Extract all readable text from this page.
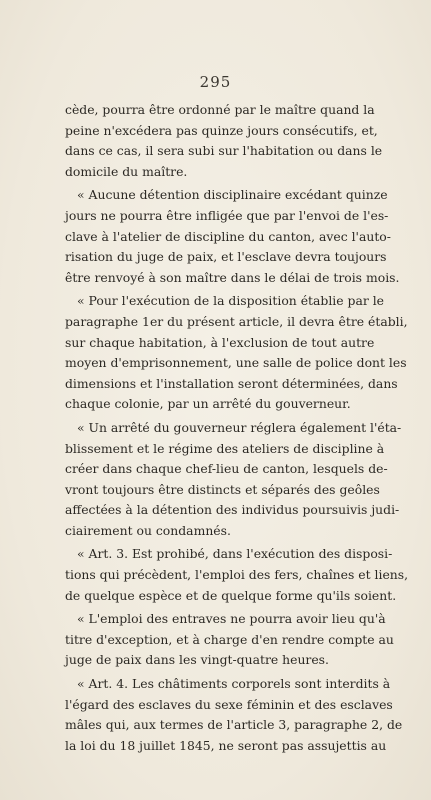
295
cède, pourra être ordonné par le maître quand la
peine n'excédera pas quinze jours consécutifs, et,
dans ce cas, il sera subi sur l'habitation ou dans le
domicile du maître.
« Aucune détention disciplinaire excédant quinze
jours ne pourra être infligée que par l'envoi de l'es-
clave à l'atelier de discipline du canton, avec l'auto-
risation du juge de paix, et l'esclave devra toujours
être renvoyé à son maître dans le délai de trois mois.
« Pour l'exécution de la disposition établie par le
paragraphe 1er du présent article, il devra être établi,
sur chaque habitation, à l'exclusion de tout autre
moyen d'emprisonnement, une salle de police dont les
dimensions et l'installation seront déterminées, dans
chaque colonie, par un arrêté du gouverneur.
« Un arrêté du gouverneur réglera également l'éta-
blissement et le régime des ateliers de discipline à
créer dans chaque chef-lieu de canton, lesquels de-
vront toujours être distincts et séparés des geôles
affectées à la détention des individus poursuivis judi-
ciairement ou condamnés.
« Art. 3. Est prohibé, dans l'exécution des disposi-
tions qui précèdent, l'emploi des fers, chaînes et liens,
de quelque espèce et de quelque forme qu'ils soient.
« L'emploi des entraves ne pourra avoir lieu qu'à
titre d'exception, et à charge d'en rendre compte au
juge de paix dans les vingt-quatre heures.
« Art. 4. Les châtiments corporels sont interdits à
l'égard des esclaves du sexe féminin et des esclaves
mâles qui, aux termes de l'article 3, paragraphe 2, de
la loi du 18 juillet 1845, ne seront pas assujettis au
